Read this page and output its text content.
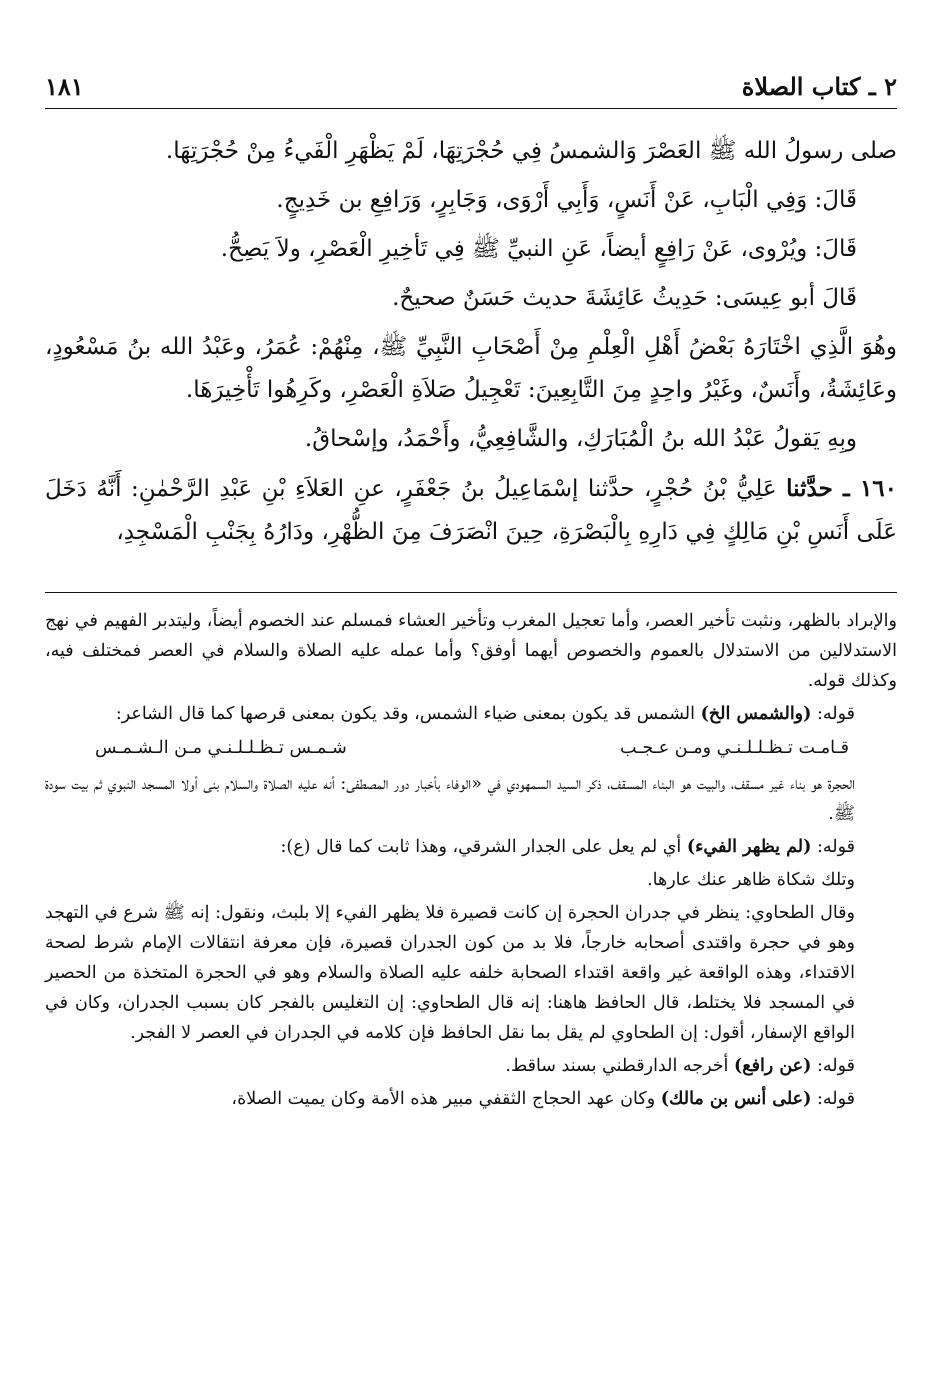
١٨١	٢ ـ كتاب الصلاة

صلى رسولُ الله ﷺ العَصْرَ وَالشمسُ فِي حُجْرَتِهَا، لَمْ يَظْهَرِ الْفَيءُ مِنْ حُجْرَتِهَا.

قَالَ: وَفِي الْبَابِ، عَنْ أَنَسٍ، وَأَبِي أَرْوَى، وَجَابِرٍ، وَرَافِعِ بن خَدِيجٍ.

قَالَ: ويُرْوى، عَنْ رَافِعٍ أيضاً، عَنِ النبيِّ ﷺ فِي تَأخِيرِ الْعَصْرِ، ولاَ يَصِحُّ.

قَالَ أبو عِيسَى: حَدِيثُ عَائِشَةَ حديث حَسَنٌ صحيحٌ.

وهُوَ الَّذِي اخْتَارَهُ بَعْضُ أَهْلِ الْعِلْمِ مِنْ أَصْحَابِ النَّبِيِّ ﷺ، مِنْهُمْ: عُمَرُ، وعَبْدُ الله بنُ مَسْعُودٍ، وعَائِشَةُ، وأَنَسٌ، وغَيْرُ واحِدٍ مِنَ التَّابِعِينَ: تَعْجِيلُ صَلاَةِ الْعَصْرِ، وكَرِهُوا تَأْخِيرَهَا.

وبِهِ يَقولُ عَبْدُ الله بنُ الْمُبَارَكِ، والشَّافِعِيُّ، وأَحْمَدُ، وإسْحاقُ.

١٦٠ ـ حدَّثنا عَلِيُّ بْنُ حُجْرٍ، حدَّثنا إسْمَاعِيلُ بنُ جَعْفَرٍ، عنِ العَلاَءِ بْنِ عَبْدِ الرَّحْمٰنِ: أَنَّهُ دَخَلَ عَلَى أَنَسِ بْنِ مَالِكٍ فِي دَارِهِ بِالْبَصْرَةِ، حِينَ انْصَرَفَ مِنَ الظُّهْرِ، ودَارُهُ بِجَنْبِ الْمَسْجِدِ،

والإبراد بالظهر، ونثبت تأخير العصر، وأما تعجيل المغرب وتأخير العشاء فمسلم عند الخصوم أيضاً، وليتدبر الفهيم في نهج الاستدلالين من الاستدلال بالعموم والخصوص أيهما أوفق؟ وأما عمله عليه الصلاة والسلام في العصر فمختلف فيه، وكذلك قوله.

قوله: (والشمس الخ) الشمس قد يكون بمعنى ضياء الشمس، وقد يكون بمعنى قرصها كما قال الشاعر:

قـامـت تـظـلـلـنـي ومـن عـجـب
شـمـس تـظـلـلـنـي مـن الـشـمـس

الحجرة هو بناء غير مسقف، والبيت هو البناء المسقف، ذكر السيد السمهودي في «الوفاء بأخبار دور المصطفى: أنه عليه الصلاة والسلام بنى أولا المسجد النبوي ثم بيت سودة ﷺ.

قوله: (لم يظهر الفيء) أي لم يعل على الجدار الشرقي، وهذا ثابت كما قال (ع):

وتلك شكاة ظاهر عنك عارها.

وقال الطحاوي: ينظر في جدران الحجرة إن كانت قصيرة فلا يظهر الفيء إلا بلبث، ونقول: إنه ﷺ شرع في التهجد وهو في حجرة واقتدى أصحابه خارجاً، فلا بد من كون الجدران قصيرة، فإن معرفة انتقالات الإمام شرط لصحة الاقتداء، وهذه الواقعة غير واقعة اقتداء الصحابة خلفه عليه الصلاة والسلام وهو في الحجرة المتخذة من الحصير في المسجد فلا يختلط، قال الحافظ هاهنا: إنه قال الطحاوي: إن التغليس بالفجر كان بسبب الجدران، وكان في الواقع الإسفار، أقول: إن الطحاوي لم يقل بما نقل الحافظ فإن كلامه في الجدران في العصر لا الفجر.

قوله: (عن رافع) أخرجه الدارقطني بسند ساقط.

قوله: (على أنس بن مالك) وكان عهد الحجاج الثقفي مبير هذه الأمة وكان يميت الصلاة،
